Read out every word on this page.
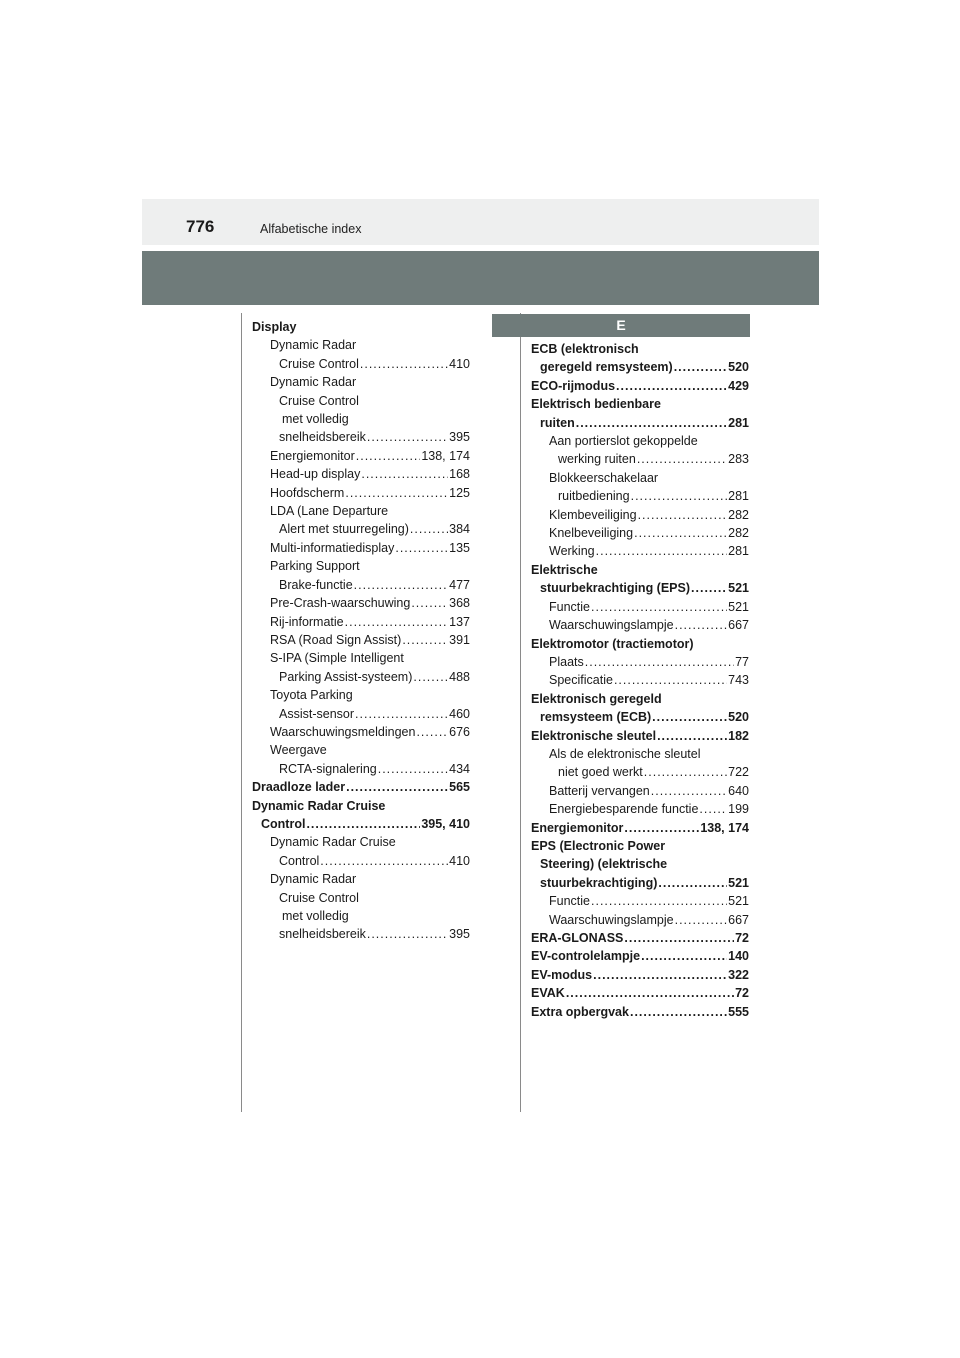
776	Alfabetische index
E
Display
Dynamic Radar
Cruise Control .....	410
Dynamic Radar
Cruise Control
met volledig
snelheidsbereik .....	395
Energiemonitor .....	138, 174
Head-up display .....	168
Hoofdscherm .....	125
LDA (Lane Departure
Alert met stuurregeling) .....	384
Multi-informatiedisplay .....	135
Parking Support
Brake-functie .....	477
Pre-Crash-waarschuwing .....	368
Rij-informatie .....	137
RSA (Road Sign Assist) .....	391
S-IPA (Simple Intelligent
Parking Assist-systeem) .....	488
Toyota Parking
Assist-sensor .....	460
Waarschuwingsmeldingen .....	676
Weergave
RCTA-signalering .....	434
Draadloze lader .....	565
Dynamic Radar Cruise
Control .....	395, 410
Dynamic Radar Cruise
Control .....	410
Dynamic Radar
Cruise Control
met volledig
snelheidsbereik .....	395
ECB (elektronisch
geregeld remsysteem) .....	520
ECO-rijmodus .....	429
Elektrisch bedienbare
ruiten .....	281
Aan portierslot gekoppelde
werking ruiten .....	283
Blokkeerschakelaar
ruitbediening .....	281
Klembeveiliging .....	282
Knelbeveiliging .....	282
Werking .....	281
Elektrische
stuurbekrachtiging (EPS) .....	521
Functie .....	521
Waarschuwingslampje .....	667
Elektromotor (tractiemotor)
Plaats .....	77
Specificatie .....	743
Elektronisch geregeld
remsysteem (ECB) .....	520
Elektronische sleutel .....	182
Als de elektronische sleutel
niet goed werkt .....	722
Batterij vervangen .....	640
Energiebesparende functie ..... 199
Energiemonitor .....	138, 174
EPS (Electronic Power
Steering) (elektrische
stuurbekrachtiging) .....	521
Functie .....	521
Waarschuwingslampje .....	667
ERA-GLONASS .....	72
EV-controlelampje .....	140
EV-modus .....	322
EVAK .....	72
Extra opbergvak .....	555
